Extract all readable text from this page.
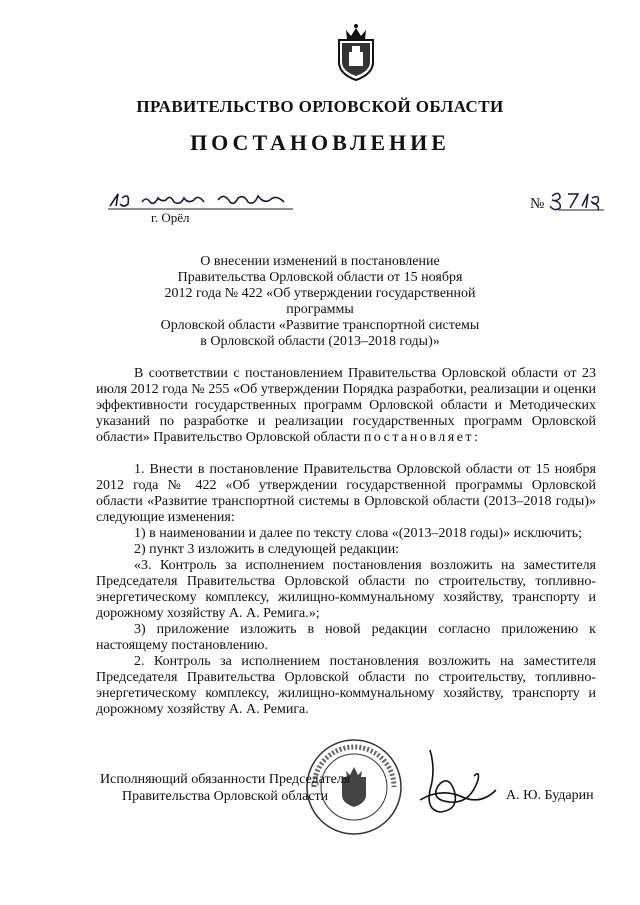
ПРАВИТЕЛЬСТВО ОРЛОВСКОЙ ОБЛАСТИ
ПОСТАНОВЛЕНИЕ
г. Орёл
№
О внесении изменений в постановление
Правительства Орловской области от 15 ноября
2012 года № 422 «Об утверждении государственной программы
Орловской области «Развитие транспортной системы
в Орловской области (2013–2018 годы)»

В соответствии с постановлением Правительства Орловской области от 23 июля 2012 года № 255 «Об утверждении Порядка разработки, реализации и оценки эффективности государственных программ Орловской области и Методических указаний по разработке и реализации государственных программ Орловской области» Правительство Орловской области постановляет:

1. Внести в постановление Правительства Орловской области от 15 ноября 2012 года № 422 «Об утверждении государственной программы Орловской области «Развитие транспортной системы в Орловской области (2013–2018 годы)» следующие изменения:

1) в наименовании и далее по тексту слова «(2013–2018 годы)» исключить;

2) пункт 3 изложить в следующей редакции:

«3. Контроль за исполнением постановления возложить на заместителя Председателя Правительства Орловской области по строительству, топливно-энергетическому комплексу, жилищно-коммунальному хозяйству, транспорту и дорожному хозяйству А. А. Ремига.»;

3) приложение изложить в новой редакции согласно приложению к настоящему постановлению.

2. Контроль за исполнением постановления возложить на заместителя Председателя Правительства Орловской области по строительству, топливно-энергетическому комплексу, жилищно-коммунальному хозяйству, транспорту и дорожному хозяйству А. А. Ремига.

Исполняющий обязанности Председателя
Правительства Орловской области	А. Ю. Бударин
